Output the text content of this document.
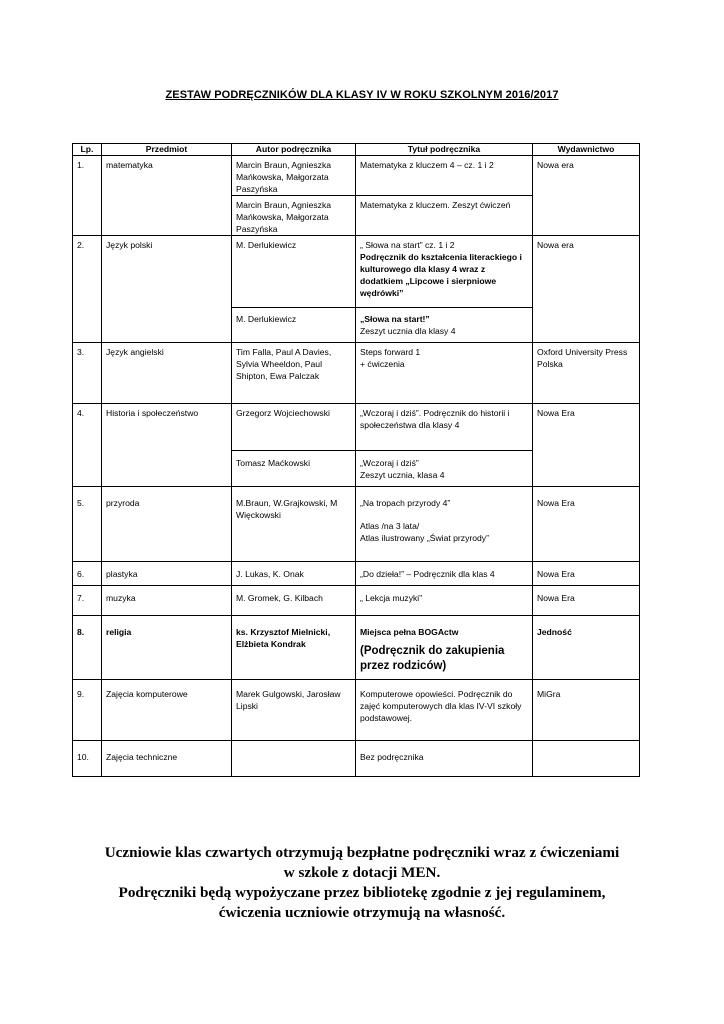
ZESTAW PODRĘCZNIKÓW DLA KLASY IV W ROKU SZKOLNYM 2016/2017
Lp.	Przedmiot	Autor podręcznika	Tytuł podręcznika	Wydawnictwo
1.	matematyka	Marcin Braun, Agnieszka Mańkowska, Małgorzata Paszyńska	Matematyka z kluczem 4 – cz. 1 i 2	Nowa era
		Marcin Braun, Agnieszka Mańkowska, Małgorzata Paszyńska	Matematyka z kluczem. Zeszyt ćwiczeń	
2.	Język polski	M. Derlukiewicz	„ Słowa na start” cz. 1 i 2
Podręcznik do kształcenia literackiego i kulturowego dla klasy 4 wraz z dodatkiem „Lipcowe i sierpniowe wędrówki”	Nowa era
		M. Derlukiewicz	„Słowa na start!”
Zeszyt ucznia dla klasy 4	

3.	Język angielski	Tim Falla, Paul A Davies, Sylvia Wheeldon, Paul Shipton, Ewa Palczak	Steps forward 1
+ ćwiczenia	Oxford University Press Polska
4.	Historia i społeczeństwo	Grzegorz Wojciechowski	„Wczoraj i dziś”. Podręcznik do historii i społeczeństwa dla klasy 4	Nowa Era
		Tomasz Maćkowski	„Wczoraj i dziś”
Zeszyt ucznia, klasa 4	

5.	przyroda	M.Braun, W.Grajkowski, M Więckowski	„Na tropach przyrody 4”
Atlas /na 3 lata/
Atlas ilustrowany „Świat przyrody”	Nowa Era
6.	plastyka	J. Lukas, K. Onak	„Do dzieła!” – Podręcznik dla klas 4	Nowa Era
7.	muzyka	M. Gromek, G. Kilbach	„ Lekcja muzyki”	Nowa Era
8.	religia	ks. Krzysztof Mielnicki, Elżbieta Kondrak	Miejsca pełna BOGActw
(Podręcznik do zakupienia przez rodziców)	Jedność
9.	Zajęcia komputerowe	Marek Gulgowski, Jarosław Lipski	Komputerowe opowieści. Podręcznik do zajęć komputerowych dla klas IV-VI szkoły podstawowej.	MiGra
10.	Zajęcia techniczne		Bez podręcznika	
Uczniowie klas czwartych otrzymują bezpłatne podręczniki wraz z ćwiczeniami
w szkole z dotacji MEN.
Podręczniki będą wypożyczane przez bibliotekę zgodnie z jej regulaminem,
ćwiczenia uczniowie otrzymują na własność.
